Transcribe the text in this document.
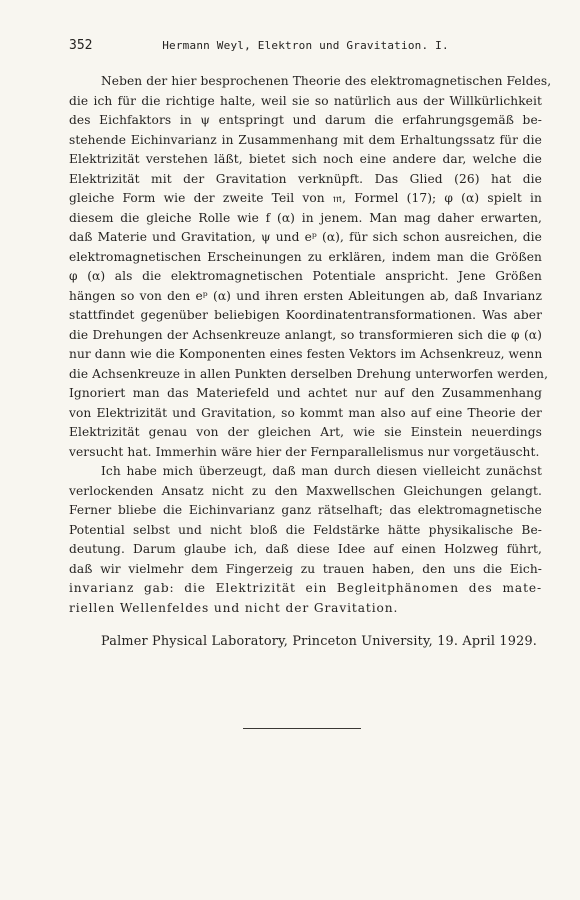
352	Hermann Weyl, Elektron und Gravitation. I.
Neben der hier besprochenen Theorie des elektromagnetischen Feldes,
die ich für die richtige halte, weil sie so natürlich aus der Willkürlichkeit
des Eichfaktors in ψ entspringt und darum die erfahrungsgemäß be-
stehende Eichinvarianz in Zusammenhang mit dem Erhaltungssatz für die
Elektrizität verstehen läßt, bietet sich noch eine andere dar, welche die
Elektrizität mit der Gravitation verknüpft. Das Glied (26) hat die
gleiche Form wie der zweite Teil von 𝔪, Formel (17); φ (α) spielt in
diesem die gleiche Rolle wie f (α) in jenem. Man mag daher erwarten,
daß Materie und Gravitation, ψ und eᵖ (α), für sich schon ausreichen, die
elektromagnetischen Erscheinungen zu erklären, indem man die Größen
φ (α) als die elektromagnetischen Potentiale anspricht. Jene Größen
hängen so von den eᵖ (α) und ihren ersten Ableitungen ab, daß Invarianz
stattfindet gegenüber beliebigen Koordinatentransformationen. Was aber
die Drehungen der Achsenkreuze anlangt, so transformieren sich die φ (α)
nur dann wie die Komponenten eines festen Vektors im Achsenkreuz, wenn
die Achsenkreuze in allen Punkten derselben Drehung unterworfen werden,
Ignoriert man das Materiefeld und achtet nur auf den Zusammenhang
von Elektrizität und Gravitation, so kommt man also auf eine Theorie der
Elektrizität genau von der gleichen Art, wie sie Einstein neuerdings
versucht hat. Immerhin wäre hier der Fernparallelismus nur vorgetäuscht.
Ich habe mich überzeugt, daß man durch diesen vielleicht zunächst
verlockenden Ansatz nicht zu den Maxwellschen Gleichungen gelangt.
Ferner bliebe die Eichinvarianz ganz rätselhaft; das elektromagnetische
Potential selbst und nicht bloß die Feldstärke hätte physikalische Be-
deutung. Darum glaube ich, daß diese Idee auf einen Holzweg führt,
daß wir vielmehr dem Fingerzeig zu trauen haben, den uns die Eich-
invarianz gab: die Elektrizität ein Begleitphänomen des mate-
riellen Wellenfeldes und nicht der Gravitation.
Palmer Physical Laboratory, Princeton University, 19. April 1929.
